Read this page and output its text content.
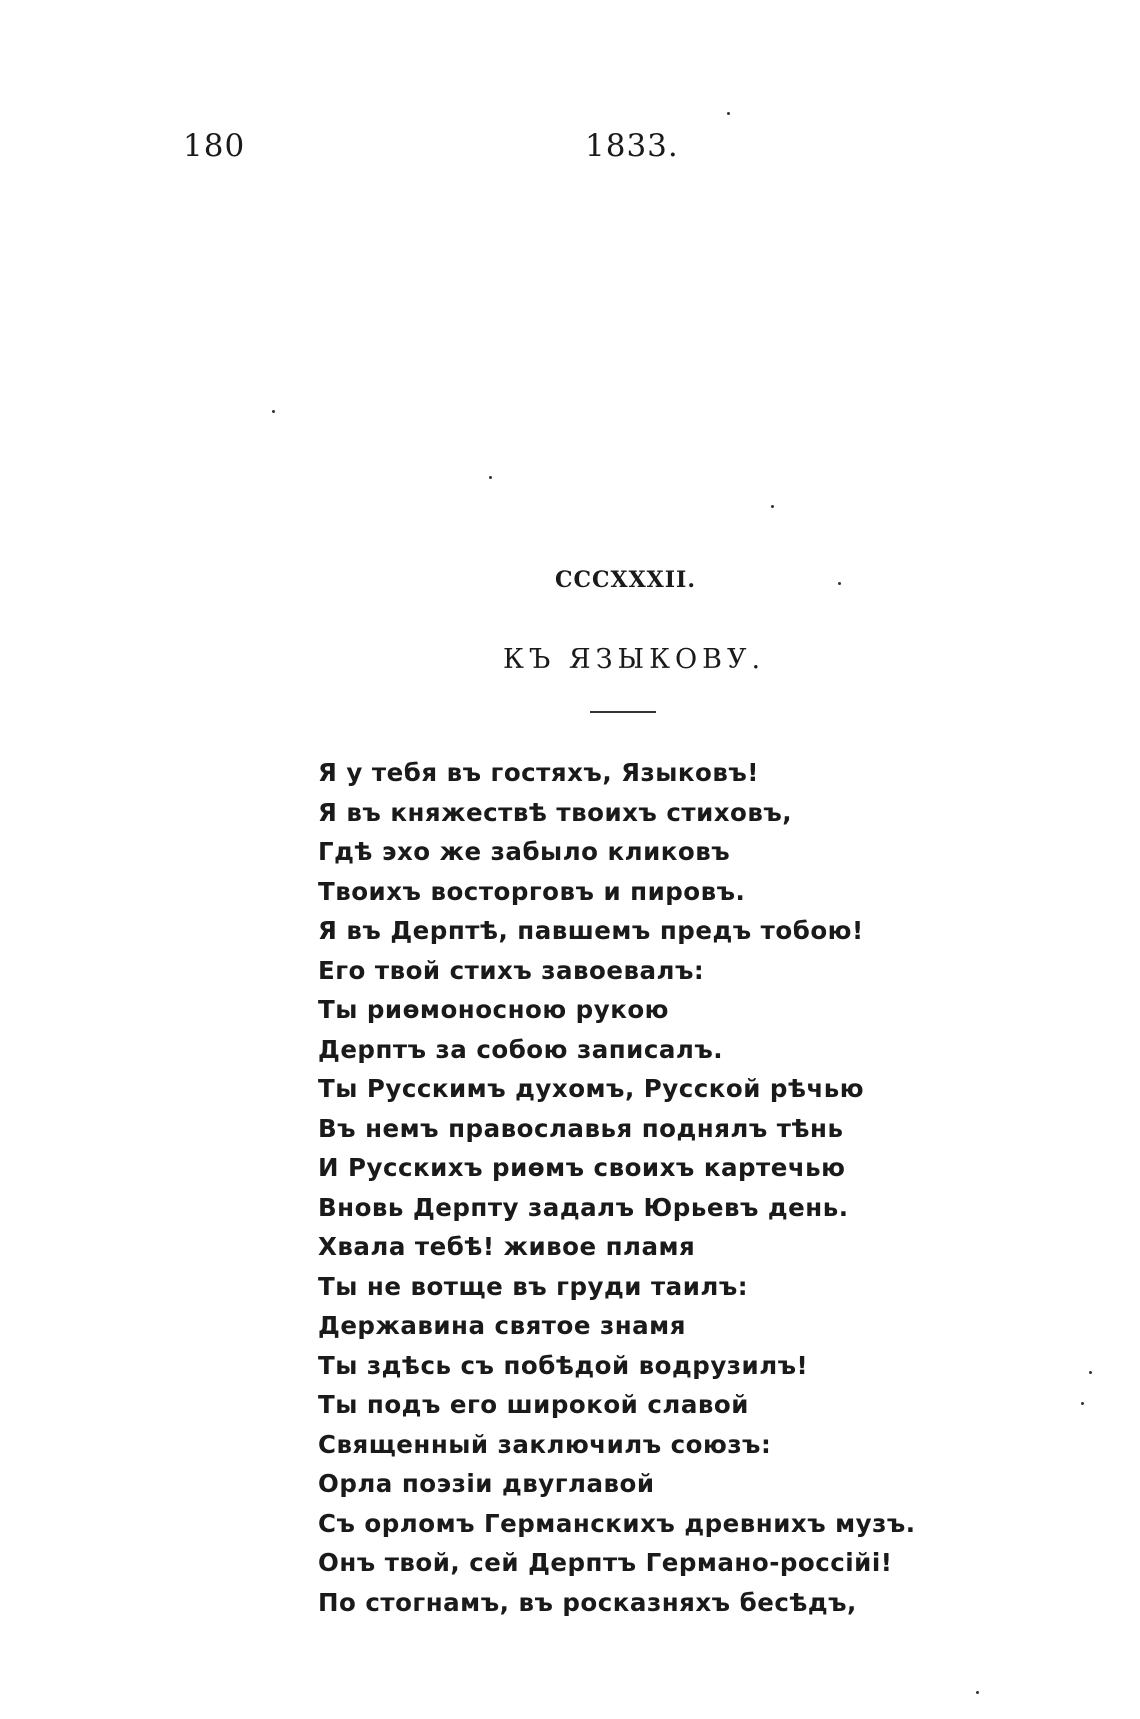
180	1833.
CCCXXXII.
КЪ ЯЗЫКОВУ.
Я у тебя въ гостяхъ, Языковъ!
Я въ княжествѣ твоихъ стиховъ,
Гдѣ эхо же забыло кликовъ
Твоихъ восторговъ и пировъ.
Я въ Дерптѣ, павшемъ предъ тобою!
Его твой стихъ завоевалъ:
Ты риѳмоносною рукою
Дерптъ за собою записалъ.
Ты Русскимъ духомъ, Русской рѣчью
Въ немъ православья поднялъ тѣнь
И Русскихъ риѳмъ своихъ картечью
Вновь Дерпту задалъ Юрьевъ день.
Хвала тебѣ! живое пламя
Ты не вотще въ груди таилъ:
Державина святое знамя
Ты здѣсь съ побѣдой водрузилъ!
Ты подъ его широкой славой
Священный заключилъ союзъ:
Орла поэзіи двуглавой
Съ орломъ Германскихъ древнихъ музъ.
Онъ твой, сей Дерптъ Германо-россійі!
По стогнамъ, въ росказняхъ бесѣдъ,
